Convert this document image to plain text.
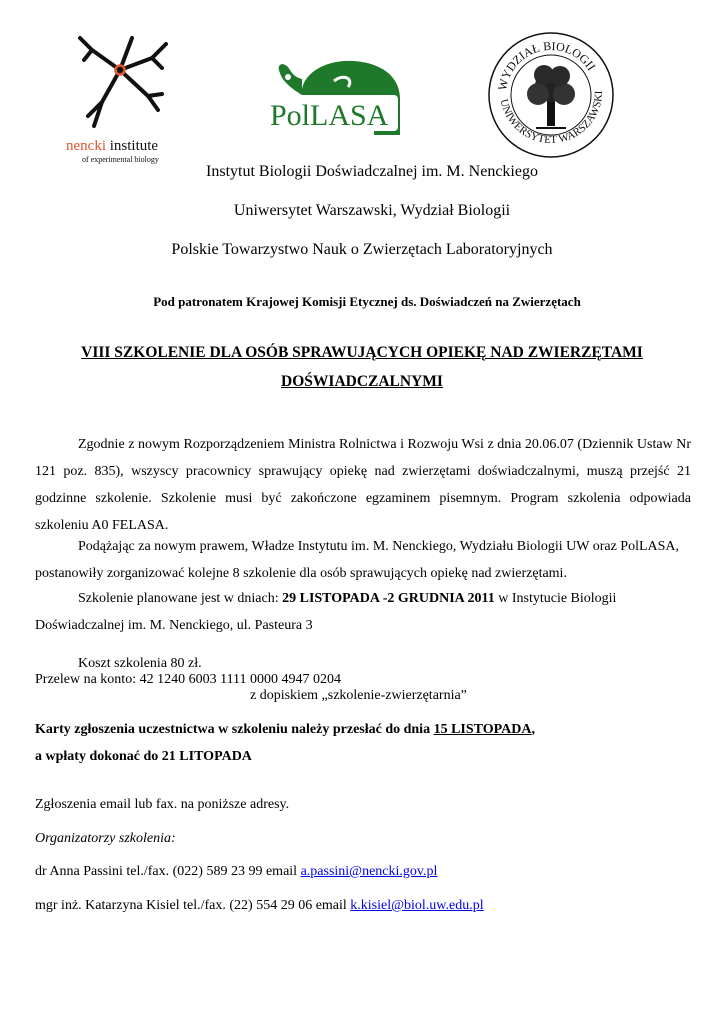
nencki institute
of experimental biology
PolLASA
WYDZIAŁ BIOLOGII
UNIWERSYTET WARSZAWSKI
Instytut Biologii Doświadczalnej im. M. Nenckiego
Uniwersytet Warszawski, Wydział Biologii
Polskie Towarzystwo Nauk o Zwierzętach Laboratoryjnych
Pod patronatem Krajowej Komisji Etycznej ds. Doświadczeń na Zwierzętach
VIII SZKOLENIE DLA OSÓB SPRAWUJĄCYCH OPIEKĘ NAD ZWIERZĘTAMI
DOŚWIADCZALNYMI
Zgodnie z nowym Rozporządzeniem Ministra Rolnictwa i Rozwoju Wsi z dnia 20.06.07 (Dziennik Ustaw Nr 121 poz. 835), wszyscy pracownicy sprawujący opiekę nad zwierzętami doświadczalnymi, muszą przejść 21 godzinne szkolenie. Szkolenie musi być zakończone egzaminem pisemnym. Program szkolenia odpowiada szkoleniu A0 FELASA.
Podążając za nowym prawem, Władze Instytutu im. M. Nenckiego, Wydziału Biologii UW oraz PolLASA, postanowiły zorganizować kolejne 8 szkolenie dla osób sprawujących opiekę nad zwierzętami.
Szkolenie planowane jest w dniach: 29 LISTOPADA -2 GRUDNIA 2011 w Instytucie Biologii Doświadczalnej im. M. Nenckiego, ul. Pasteura 3
Koszt szkolenia 80 zł.
Przelew na konto: 42 1240 6003 1111 0000 4947 0204
z dopiskiem „szkolenie-zwierzętarnia”
Karty zgłoszenia uczestnictwa w szkoleniu należy przesłać do dnia 15 LISTOPADA,
a wpłaty dokonać do 21 LITOPADA
Zgłoszenia email lub fax. na poniższe adresy.
Organizatorzy szkolenia:
dr Anna Passini tel./fax. (022) 589 23 99 email a.passini@nencki.gov.pl
mgr inż. Katarzyna Kisiel tel./fax. (22) 554 29 06 email k.kisiel@biol.uw.edu.pl
